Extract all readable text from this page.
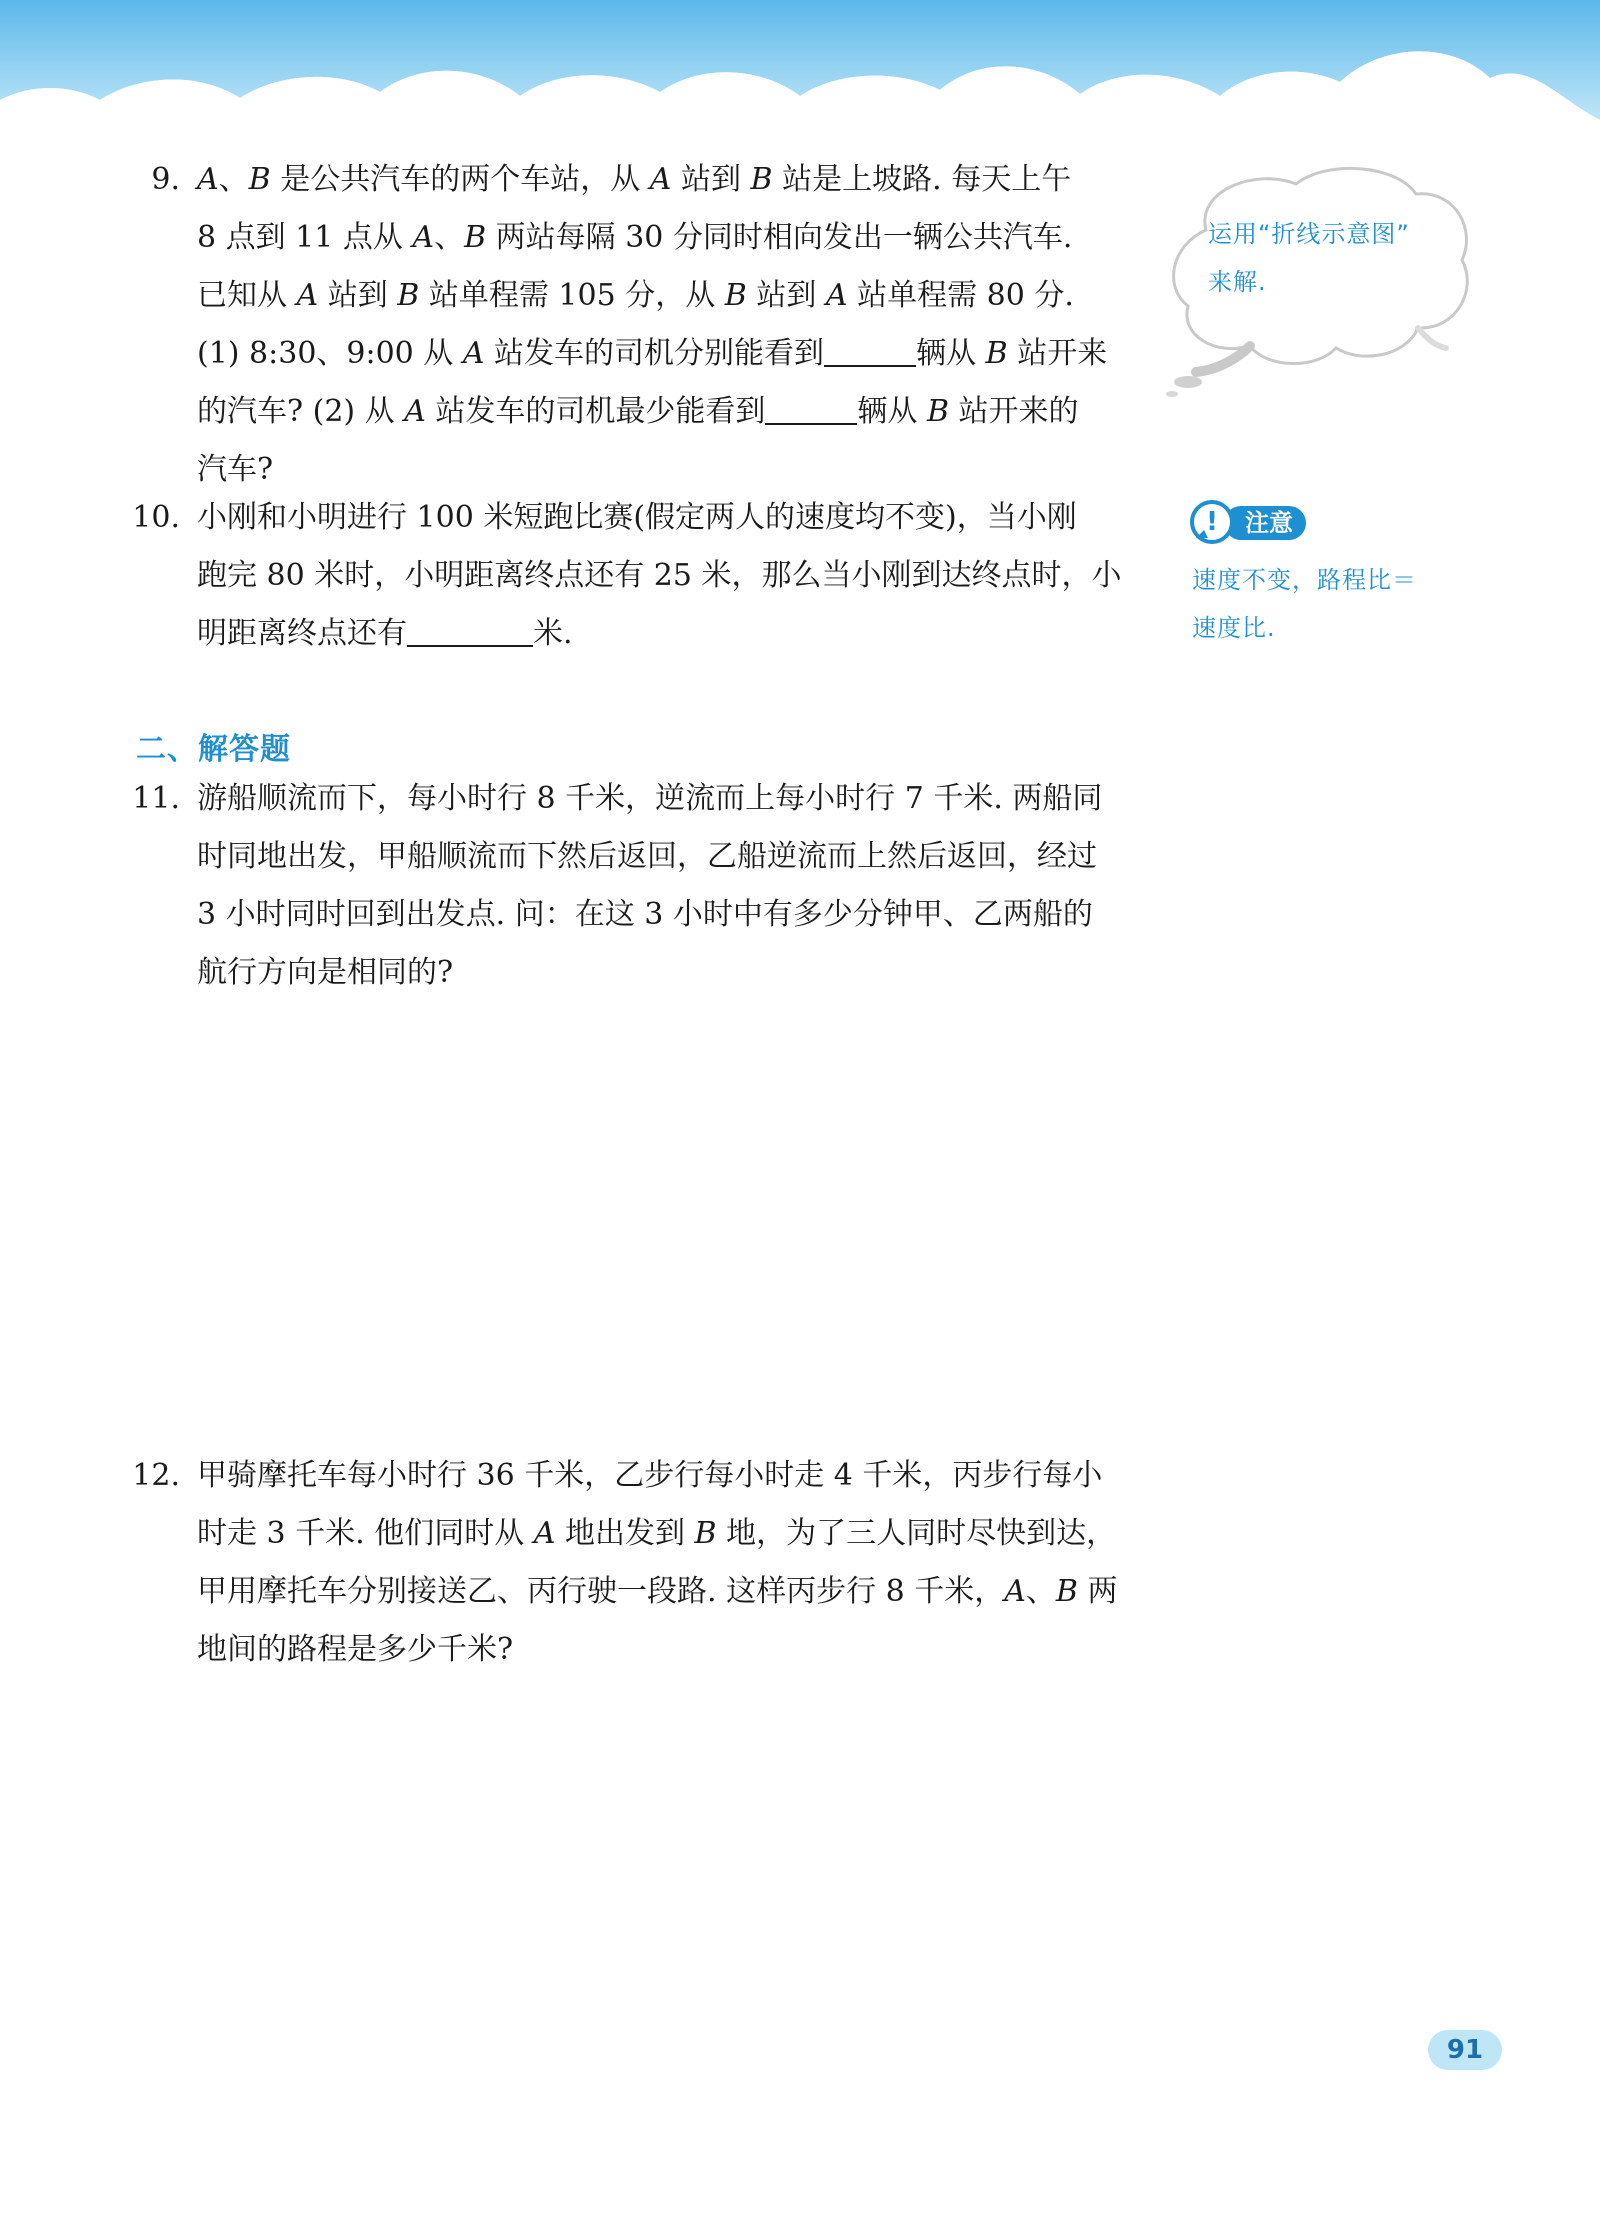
9. A、B 是公共汽车的两个车站，从 A 站到 B 站是上坡路. 每天上午
8 点到 11 点从 A、B 两站每隔 30 分同时相向发出一辆公共汽车.
已知从 A 站到 B 站单程需 105 分，从 B 站到 A 站单程需 80 分.
(1) 8:30、9:00 从 A 站发车的司机分别能看到	辆从 B 站开来
的汽车? (2) 从 A 站发车的司机最少能看到	辆从 B 站开来的
汽车?
10. 小刚和小明进行 100 米短跑比赛(假定两人的速度均不变)，当小刚
跑完 80 米时，小明距离终点还有 25 米，那么当小刚到达终点时，小
明距离终点还有	米.
二、解答题
11. 游船顺流而下，每小时行 8 千米，逆流而上每小时行 7 千米. 两船同
时同地出发，甲船顺流而下然后返回，乙船逆流而上然后返回，经过
3 小时同时回到出发点. 问：在这 3 小时中有多少分钟甲、乙两船的
航行方向是相同的?
12. 甲骑摩托车每小时行 36 千米，乙步行每小时走 4 千米，丙步行每小
时走 3 千米. 他们同时从 A 地出发到 B 地，为了三人同时尽快到达，
甲用摩托车分别接送乙、丙行驶一段路. 这样丙步行 8 千米，A、B 两
地间的路程是多少千米?
运用“折线示意图”
来解.
!	注意
速度不变，路程比＝
速度比.
91
